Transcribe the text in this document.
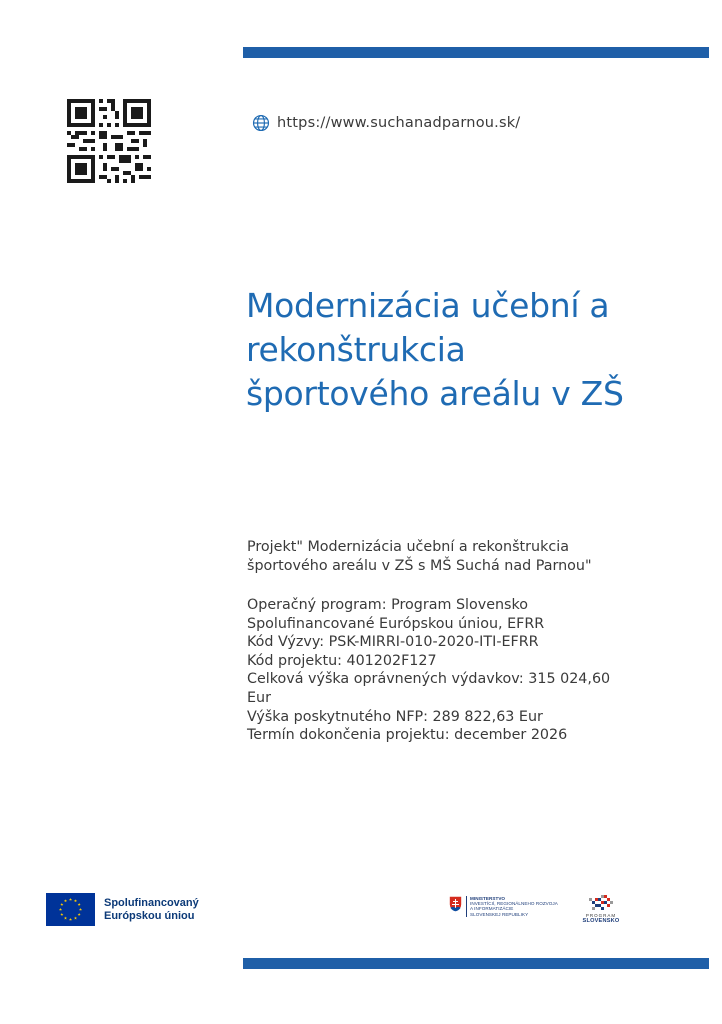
https://www.suchanadparnou.sk/
Modernizácia učební a
rekonštrukcia
športového areálu v ZŠ
Projekt" Modernizácia učební a rekonštrukcia
športového areálu v ZŠ s MŠ Suchá nad Parnou"
Operačný program: Program Slovensko
Spolufinancované Európskou úniou, EFRR
Kód Výzvy: PSK-MIRRI-010-2020-ITI-EFRR
Kód projektu: 401202F127
Celková výška oprávnených výdavkov: 315 024,60
Eur
Výška poskytnutého NFP: 289 822,63 Eur
Termín dokončenia projektu: december 2026
Spolufinancovaný
Európskou úniou
MINISTERSTVO
INVESTÍCIÍ, REGIONÁLNEHO ROZVOJA
A INFORMATIZÁCIE
SLOVENSKEJ REPUBLIKY	PROGRAM
SLOVENSKO
